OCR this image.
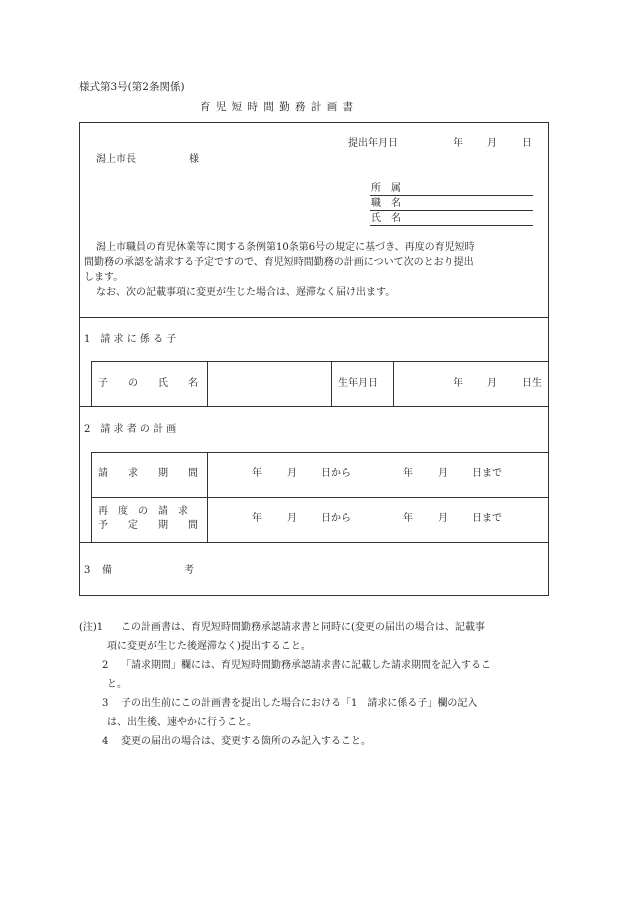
様式第3号(第2条関係)
育 児 短 時 間 勤 務 計 画 書
提出年月日	年 月	日
潟上市長	様
所　属
職　名
氏　名
潟上市職員の育児休業等に関する条例第10条第6号の規定に基づき、再度の育児短時
間勤務の承認を請求する予定ですので、育児短時間勤務の計画について次のとおり提出
します。
なお、次の記載事項に変更が生じた場合は、遅滞なく届け出ます。
1　請 求 に 係 る 子
子　　の　　氏　　名	生年月日	年 月	日生
2　請 求 者 の 計 画
請　　求　　期　　間	年	月 日から	年	月 日まで
再　度　の　請　求
予　　定　　期　　間
年	月 日から	年	月 日まで
3 備	考
(注)1 この計画書は、育児短時間勤務承認請求書と同時に(変更の届出の場合は、記載事
項に変更が生じた後遅滞なく)提出すること。
2 「請求期間」欄には、育児短時間勤務承認請求書に記載した請求期間を記入するこ
と。
3 子の出生前にこの計画書を提出した場合における「1　請求に係る子」欄の記入
は、出生後、速やかに行うこと。
4 変更の届出の場合は、変更する箇所のみ記入すること。
